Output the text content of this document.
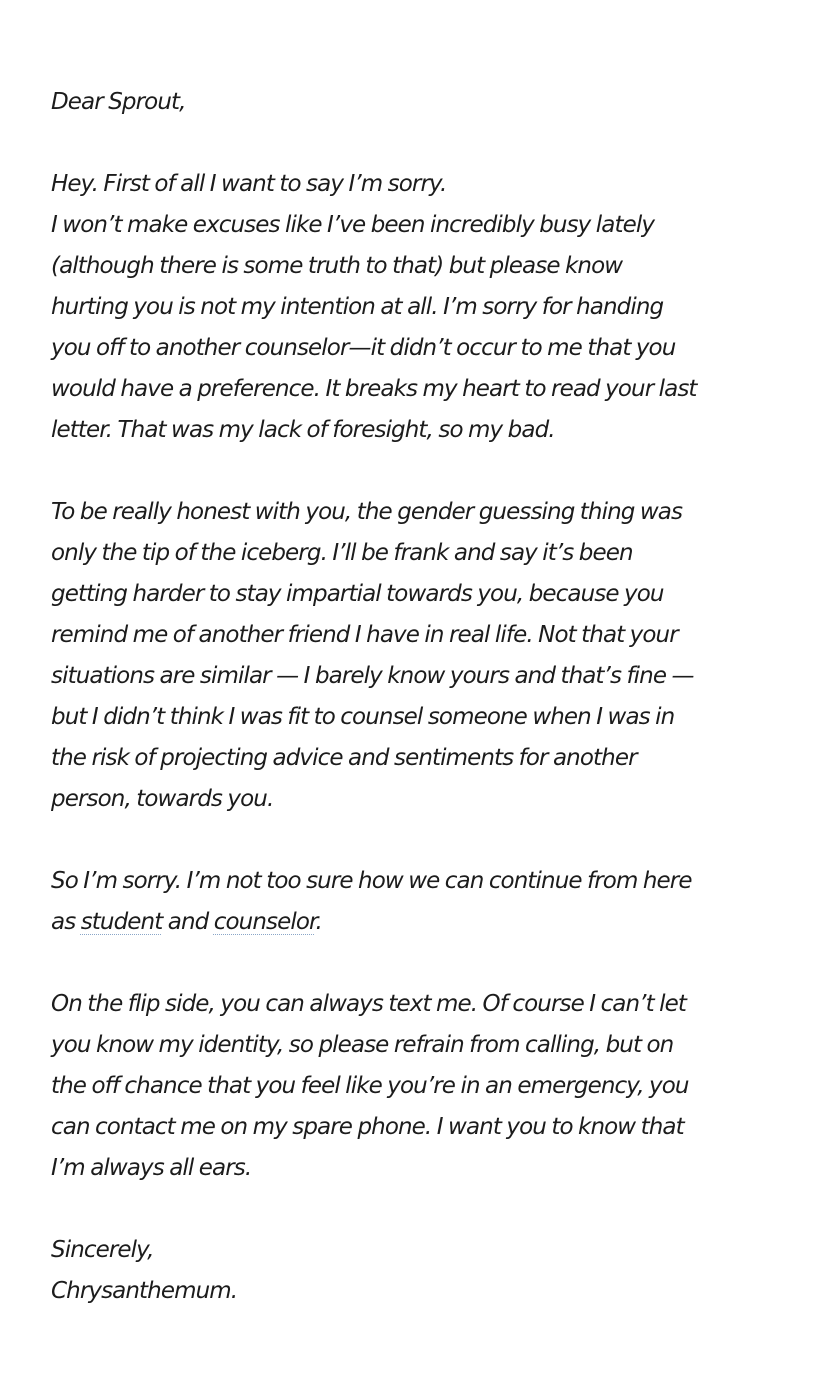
Dear Sprout,
Hey. First of all I want to say I’m sorry.
I won’t make excuses like I’ve been incredibly busy lately
(although there is some truth to that) but please know
hurting you is not my intention at all. I’m sorry for handing
you off to another counselor—it didn’t occur to me that you
would have a preference. It breaks my heart to read your last
letter. That was my lack of foresight, so my bad.
To be really honest with you, the gender guessing thing was
only the tip of the iceberg. I’ll be frank and say it’s been
getting harder to stay impartial towards you, because you
remind me of another friend I have in real life. Not that your
situations are similar — I barely know yours and that’s fine —
but I didn’t think I was fit to counsel someone when I was in
the risk of projecting advice and sentiments for another
person, towards you.
So I’m sorry. I’m not too sure how we can continue from here
as student and counselor.
On the flip side, you can always text me. Of course I can’t let
you know my identity, so please refrain from calling, but on
the off chance that you feel like you’re in an emergency, you
can contact me on my spare phone. I want you to know that
I’m always all ears.
Sincerely,
Chrysanthemum.
